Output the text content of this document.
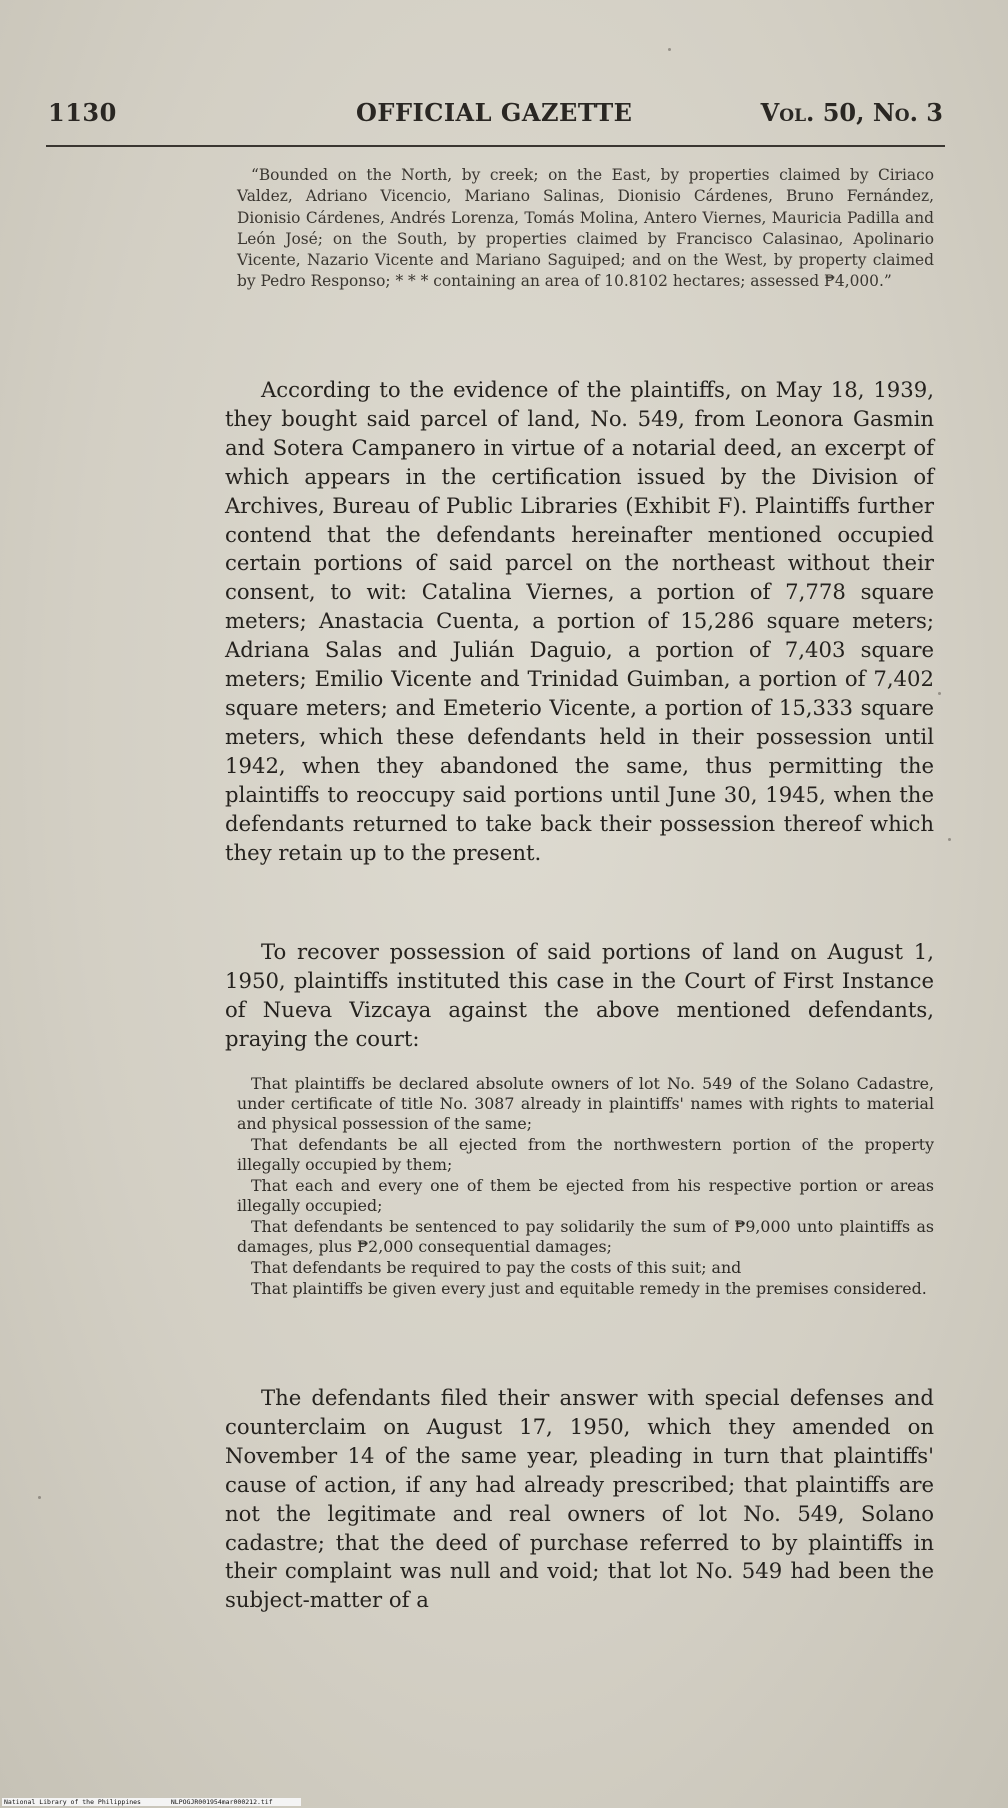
1130	OFFICIAL GAZETTE	Vol. 50, No. 3
“Bounded on the North, by creek; on the East, by properties claimed by Ciriaco Valdez, Adriano Vicencio, Mariano Salinas, Dionisio Cárdenes, Bruno Fernández, Dionisio Cárdenes, Andrés Lorenza, Tomás Molina, Antero Viernes, Mauricia Padilla and León José; on the South, by properties claimed by Francisco Calasinao, Apolinario Vicente, Nazario Vicente and Mariano Saguiped; and on the West, by property claimed by Pedro Responso; * * * containing an area of 10.8102 hectares; assessed ₱4,000.”
According to the evidence of the plaintiffs, on May 18, 1939, they bought said parcel of land, No. 549, from Leonora Gasmin and Sotera Campanero in virtue of a notarial deed, an excerpt of which appears in the certification issued by the Division of Archives, Bureau of Public Libraries (Exhibit F). Plaintiffs further contend that the defendants hereinafter mentioned occupied certain portions of said parcel on the northeast without their consent, to wit: Catalina Viernes, a portion of 7,778 square meters; Anastacia Cuenta, a portion of 15,286 square meters; Adriana Salas and Julián Daguio, a portion of 7,403 square meters; Emilio Vicente and Trinidad Guimban, a portion of 7,402 square meters; and Emeterio Vicente, a portion of 15,333 square meters, which these defendants held in their possession until 1942, when they abandoned the same, thus permitting the plaintiffs to reoccupy said portions until June 30, 1945, when the defendants returned to take back their possession thereof which they retain up to the present.
To recover possession of said portions of land on August 1, 1950, plaintiffs instituted this case in the Court of First Instance of Nueva Vizcaya against the above mentioned defendants, praying the court:

That plaintiffs be declared absolute owners of lot No. 549 of the Solano Cadastre, under certificate of title No. 3087 already in plaintiffs' names with rights to material and physical possession of the same;

That defendants be all ejected from the northwestern portion of the property illegally occupied by them;

That each and every one of them be ejected from his respective portion or areas illegally occupied;

That defendants be sentenced to pay solidarily the sum of ₱9,000 unto plaintiffs as damages, plus ₱2,000 consequential damages;

That defendants be required to pay the costs of this suit; and

That plaintiffs be given every just and equitable remedy in the premises considered.

The defendants filed their answer with special defenses and counterclaim on August 17, 1950, which they amended on November 14 of the same year, pleading in turn that plaintiffs' cause of action, if any had already prescribed; that plaintiffs are not the legitimate and real owners of lot No. 549, Solano cadastre; that the deed of purchase referred to by plaintiffs in their complaint was null and void; that lot No. 549 had been the subject-matter of a
National Library of the Philippines	NLPOGJR001954mar000212.tif
